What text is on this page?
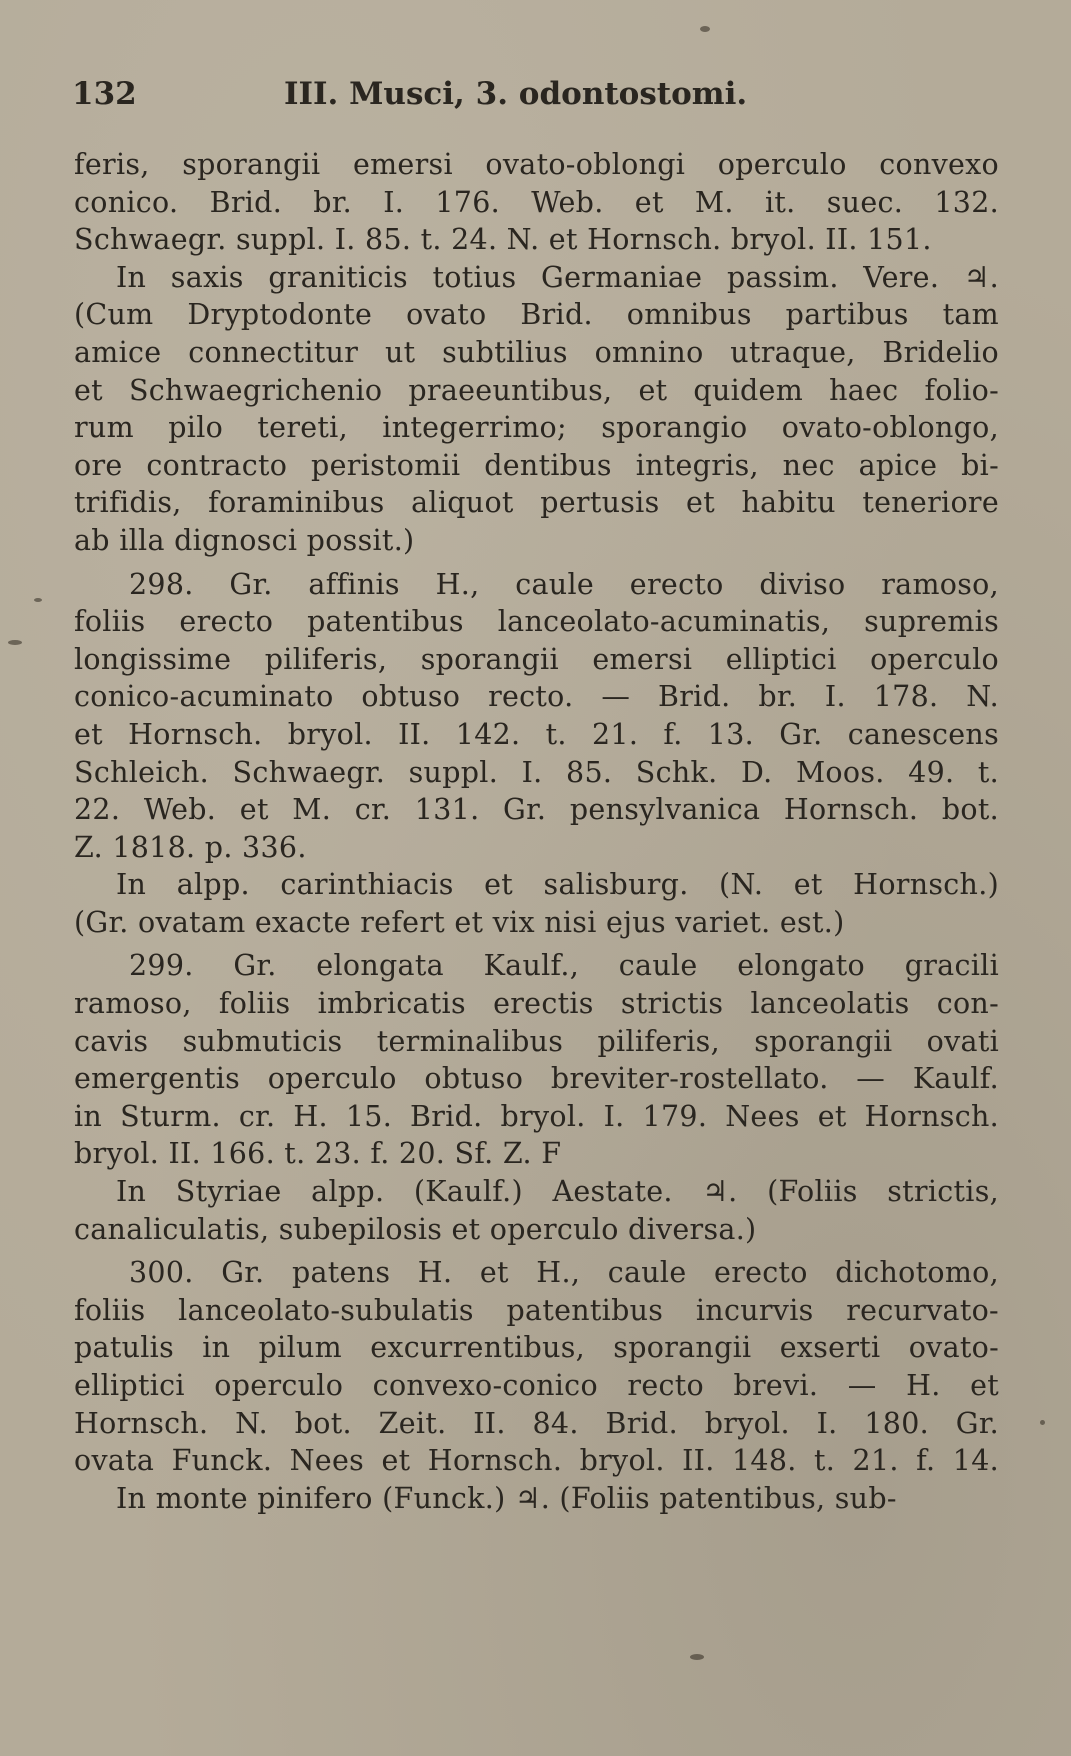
132	III. Musci, 3. odontostomi.
feris, sporangii emersi ovato-oblongi operculo convexo
conico. Brid. br. I. 176. Web. et M. it. suec. 132.
Schwaegr. suppl. I. 85. t. 24. N. et Hornsch. bryol. II. 151.
In saxis graniticis totius Germaniae passim. Vere. ♃.
(Cum Dryptodonte ovato Brid. omnibus partibus tam
amice connectitur ut subtilius omnino utraque, Bridelio
et Schwaegrichenio praeeuntibus, et quidem haec folio-
rum pilo tereti, integerrimo; sporangio ovato-oblongo,
ore contracto peristomii dentibus integris, nec apice bi-
trifidis, foraminibus aliquot pertusis et habitu teneriore
ab illa dignosci possit.)
298. Gr. affinis H., caule erecto diviso ramoso,
foliis erecto patentibus lanceolato-acuminatis, supremis
longissime piliferis, sporangii emersi elliptici operculo
conico-acuminato obtuso recto. — Brid. br. I. 178. N.
et Hornsch. bryol. II. 142. t. 21. f. 13. Gr. canescens
Schleich. Schwaegr. suppl. I. 85. Schk. D. Moos. 49. t.
22. Web. et M. cr. 131. Gr. pensylvanica Hornsch. bot.
Z. 1818. p. 336.
In alpp. carinthiacis et salisburg. (N. et Hornsch.)
(Gr. ovatam exacte refert et vix nisi ejus variet. est.)
299. Gr. elongata Kaulf., caule elongato gracili
ramoso, foliis imbricatis erectis strictis lanceolatis con-
cavis submuticis terminalibus piliferis, sporangii ovati
emergentis operculo obtuso breviter-rostellato. — Kaulf.
in Sturm. cr. H. 15. Brid. bryol. I. 179. Nees et Hornsch.
bryol. II. 166. t. 23. f. 20. Sf. Z. F
In Styriae alpp. (Kaulf.) Aestate. ♃. (Foliis strictis,
canaliculatis, subepilosis et operculo diversa.)
300. Gr. patens H. et H., caule erecto dichotomo,
foliis lanceolato-subulatis patentibus incurvis recurvato-
patulis in pilum excurrentibus, sporangii exserti ovato-
elliptici operculo convexo-conico recto brevi. — H. et
Hornsch. N. bot. Zeit. II. 84. Brid. bryol. I. 180. Gr.
ovata Funck. Nees et Hornsch. bryol. II. 148. t. 21. f. 14.
In monte pinifero (Funck.) ♃. (Foliis patentibus, sub-
